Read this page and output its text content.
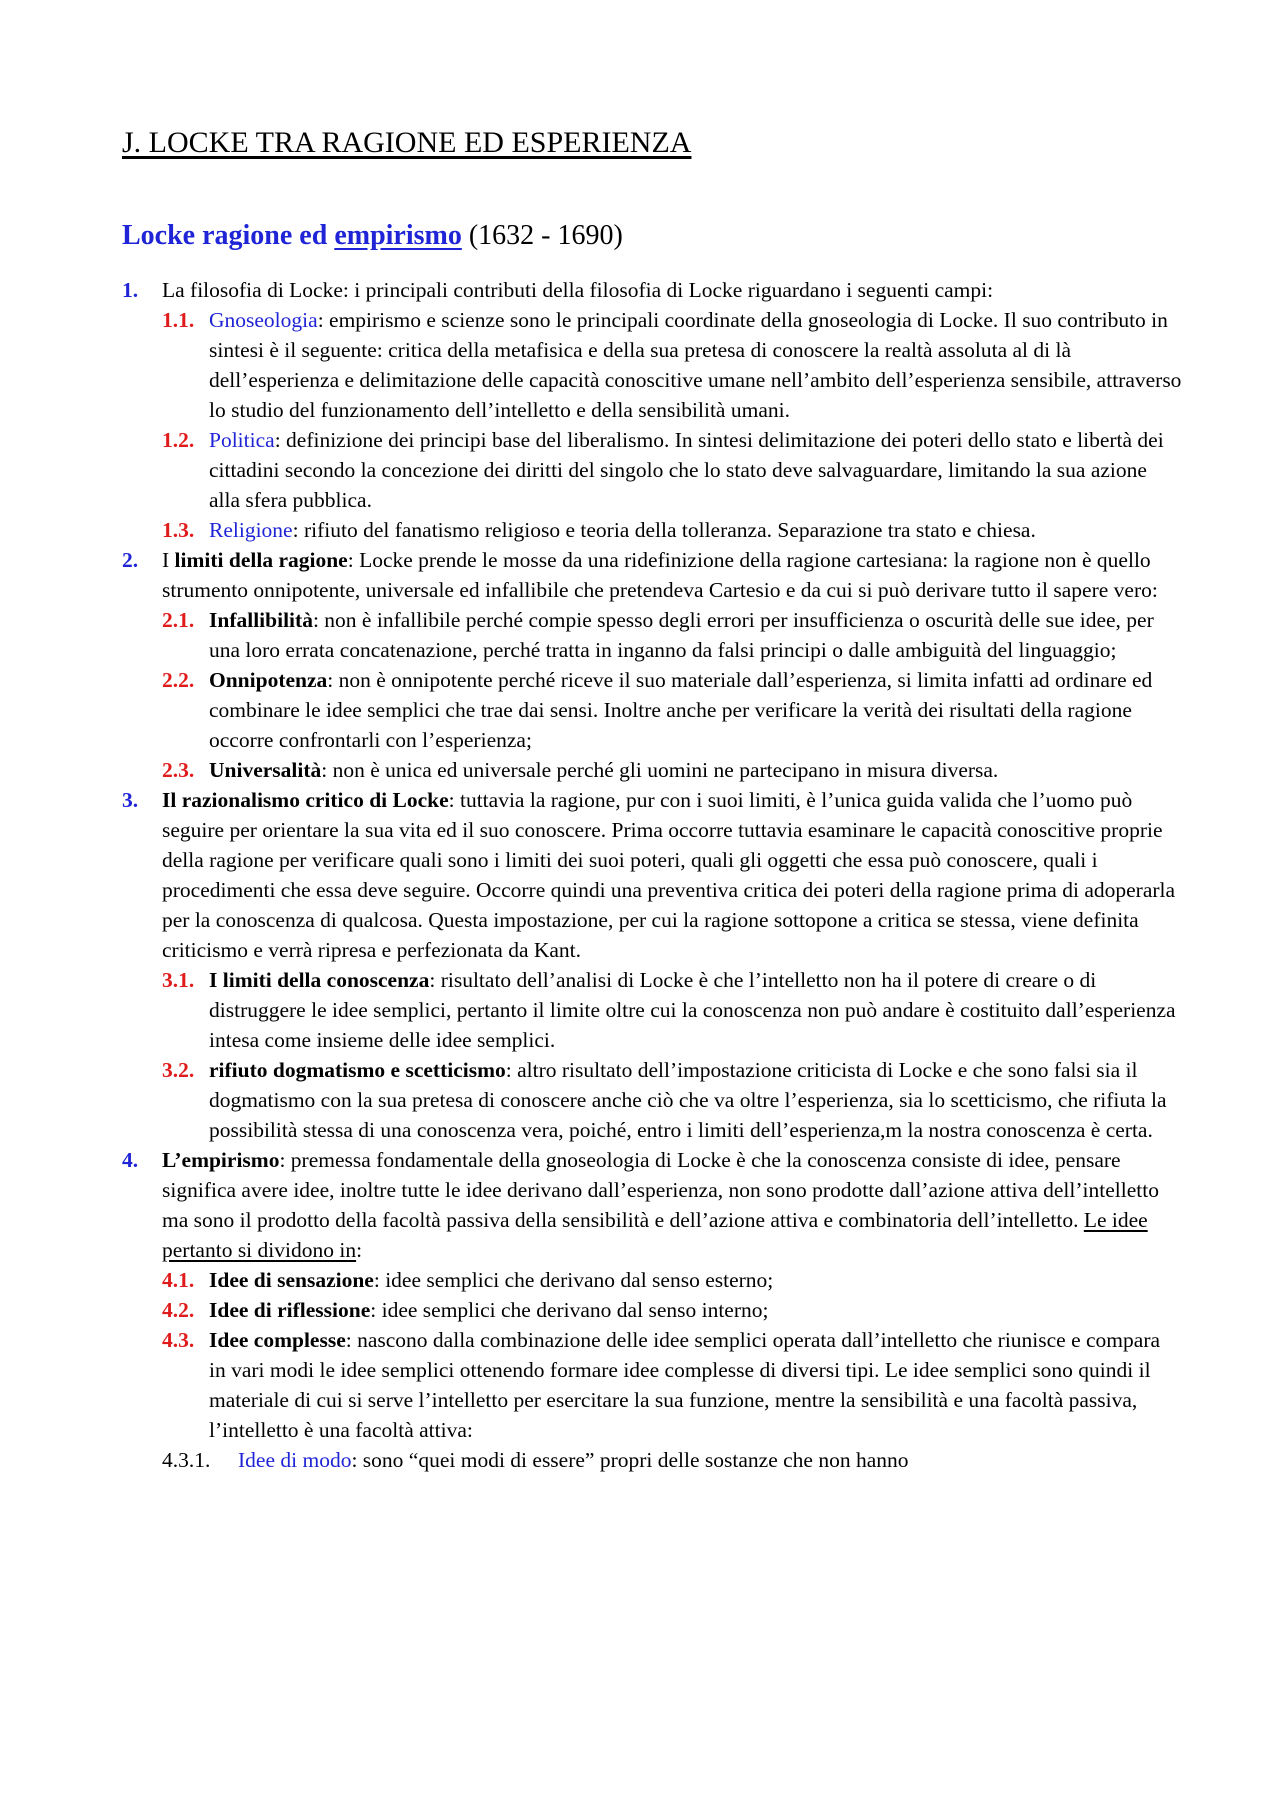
J. LOCKE TRA RAGIONE ED ESPERIENZA
Locke ragione ed empirismo (1632 - 1690)
1. La filosofia di Locke: i principali contributi della filosofia di Locke riguardano i seguenti campi:
1.1. Gnoseologia: empirismo e scienze sono le principali coordinate della gnoseologia di Locke. Il suo contributo in sintesi è il seguente: critica della metafisica e della sua pretesa di conoscere la realtà assoluta al di là dell’esperienza e delimitazione delle capacità conoscitive umane nell’ambito dell’esperienza sensibile, attraverso lo studio del funzionamento dell’intelletto e della sensibilità umani.
1.2. Politica: definizione dei principi base del liberalismo. In sintesi delimitazione dei poteri dello stato e libertà dei cittadini secondo la concezione dei diritti del singolo che lo stato deve salvaguardare, limitando la sua azione alla sfera pubblica.
1.3. Religione: rifiuto del fanatismo religioso e teoria della tolleranza. Separazione tra stato e chiesa.
2. I limiti della ragione: Locke prende le mosse da una ridefinizione della ragione cartesiana: la ragione non è quello strumento onnipotente, universale ed infallibile che pretendeva Cartesio e da cui si può derivare tutto il sapere vero:
2.1. Infallibilità: non è infallibile perché compie spesso degli errori per insufficienza o oscurità delle sue idee, per una loro errata concatenazione, perché tratta in inganno da falsi principi o dalle ambiguità del linguaggio;
2.2. Onnipotenza: non è onnipotente perché riceve il suo materiale dall’esperienza, si limita infatti ad ordinare ed combinare le idee semplici che trae dai sensi. Inoltre anche per verificare la verità dei risultati della ragione occorre confrontarli con l’esperienza;
2.3. Universalità: non è unica ed universale perché gli uomini ne partecipano in misura diversa.
3. Il razionalismo critico di Locke: tuttavia la ragione, pur con i suoi limiti, è l’unica guida valida che l’uomo può seguire per orientare la sua vita ed il suo conoscere. Prima occorre tuttavia esaminare le capacità conoscitive proprie della ragione per verificare quali sono i limiti dei suoi poteri, quali gli oggetti che essa può conoscere, quali i procedimenti che essa deve seguire. Occorre quindi una preventiva critica dei poteri della ragione prima di adoperarla per la conoscenza di qualcosa. Questa impostazione, per cui la ragione sottopone a critica se stessa, viene definita criticismo e verrà ripresa e perfezionata da Kant.
3.1. I limiti della conoscenza: risultato dell’analisi di Locke è che l’intelletto non ha il potere di creare o di distruggere le idee semplici, pertanto il limite oltre cui la conoscenza non può andare è costituito dall’esperienza intesa come insieme delle idee semplici.
3.2. rifiuto dogmatismo e scetticismo: altro risultato dell’impostazione criticista di Locke e che sono falsi sia il dogmatismo con la sua pretesa di conoscere anche ciò che va oltre l’esperienza, sia lo scetticismo, che rifiuta la possibilità stessa di una conoscenza vera, poiché, entro i limiti dell’esperienza,m la nostra conoscenza è certa.
4. L’empirismo: premessa fondamentale della gnoseologia di Locke è che la conoscenza consiste di idee, pensare significa avere idee, inoltre tutte le idee derivano dall’esperienza, non sono prodotte dall’azione attiva dell’intelletto ma sono il prodotto della facoltà passiva della sensibilità e dell’azione attiva e combinatoria dell’intelletto. Le idee pertanto si dividono in:
4.1. Idee di sensazione: idee semplici che derivano dal senso esterno;
4.2. Idee di riflessione: idee semplici che derivano dal senso interno;
4.3. Idee complesse: nascono dalla combinazione delle idee semplici operata dall’intelletto che riunisce e compara in vari modi le idee semplici ottenendo formare idee complesse di diversi tipi. Le idee semplici sono quindi il materiale di cui si serve l’intelletto per esercitare la sua funzione, mentre la sensibilità e una facoltà passiva, l’intelletto è una facoltà attiva:
4.3.1. Idee di modo: sono “quei modi di essere” propri delle sostanze che non hanno
